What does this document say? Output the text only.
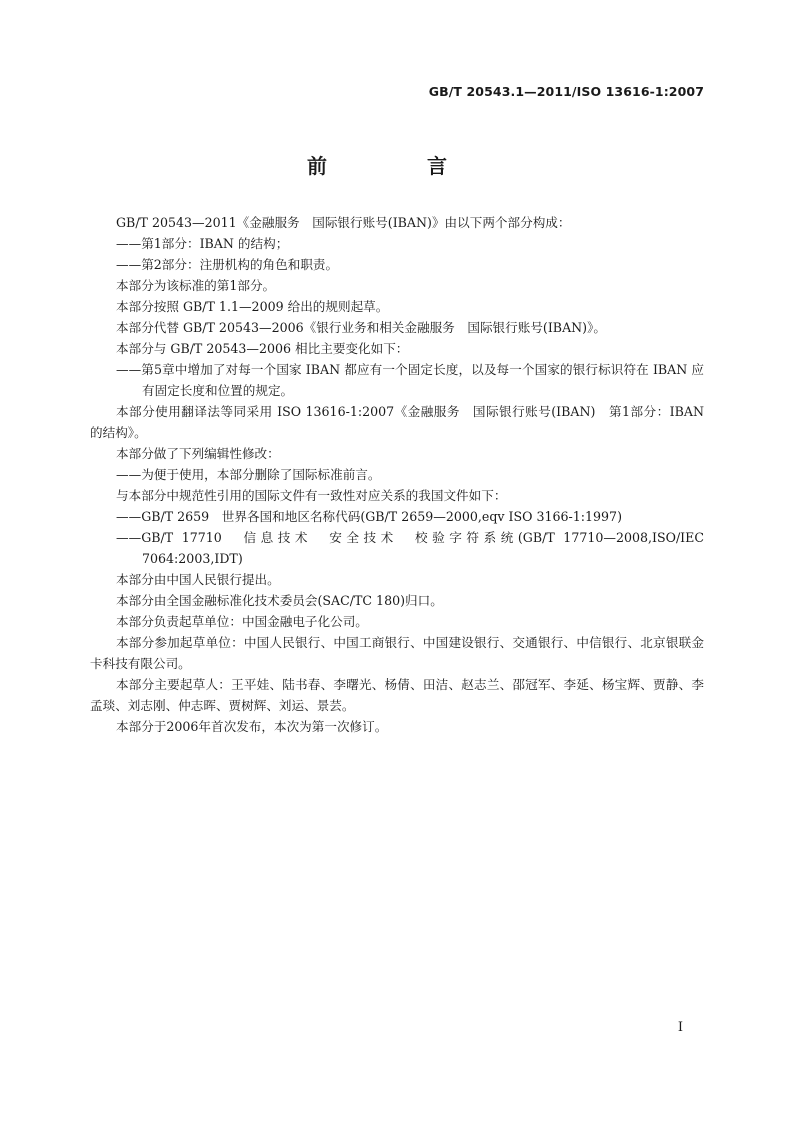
GB/T 20543.1—2011/ISO 13616-1:2007
前　言
GB/T 20543—2011《金融服务　国际银行账号(IBAN)》由以下两个部分构成：
——第1部分：IBAN 的结构；
——第2部分：注册机构的角色和职责。
本部分为该标准的第1部分。
本部分按照 GB/T 1.1—2009 给出的规则起草。
本部分代替 GB/T 20543—2006《银行业务和相关金融服务　国际银行账号(IBAN)》。
本部分与 GB/T 20543—2006 相比主要变化如下：
——第5章中增加了对每一个国家 IBAN 都应有一个固定长度，以及每一个国家的银行标识符在 IBAN 应有固定长度和位置的规定。
本部分使用翻译法等同采用 ISO 13616-1:2007《金融服务　国际银行账号(IBAN)　第1部分：IBAN 的结构》。
本部分做了下列编辑性修改：
——为便于使用，本部分删除了国际标准前言。
与本部分中规范性引用的国际文件有一致性对应关系的我国文件如下：
——GB/T 2659　世界各国和地区名称代码(GB/T 2659—2000,eqv ISO 3166-1:1997)
——GB/T 17710　信息技术　安全技术　校验字符系统(GB/T 17710—2008,ISO/IEC 7064:2003,IDT)
本部分由中国人民银行提出。
本部分由全国金融标准化技术委员会(SAC/TC 180)归口。
本部分负责起草单位：中国金融电子化公司。
本部分参加起草单位：中国人民银行、中国工商银行、中国建设银行、交通银行、中信银行、北京银联金卡科技有限公司。
本部分主要起草人：王平娃、陆书春、李曙光、杨倩、田洁、赵志兰、邵冠军、李延、杨宝辉、贾静、李孟琰、刘志刚、仲志晖、贾树辉、刘运、景芸。
本部分于2006年首次发布，本次为第一次修订。
I
